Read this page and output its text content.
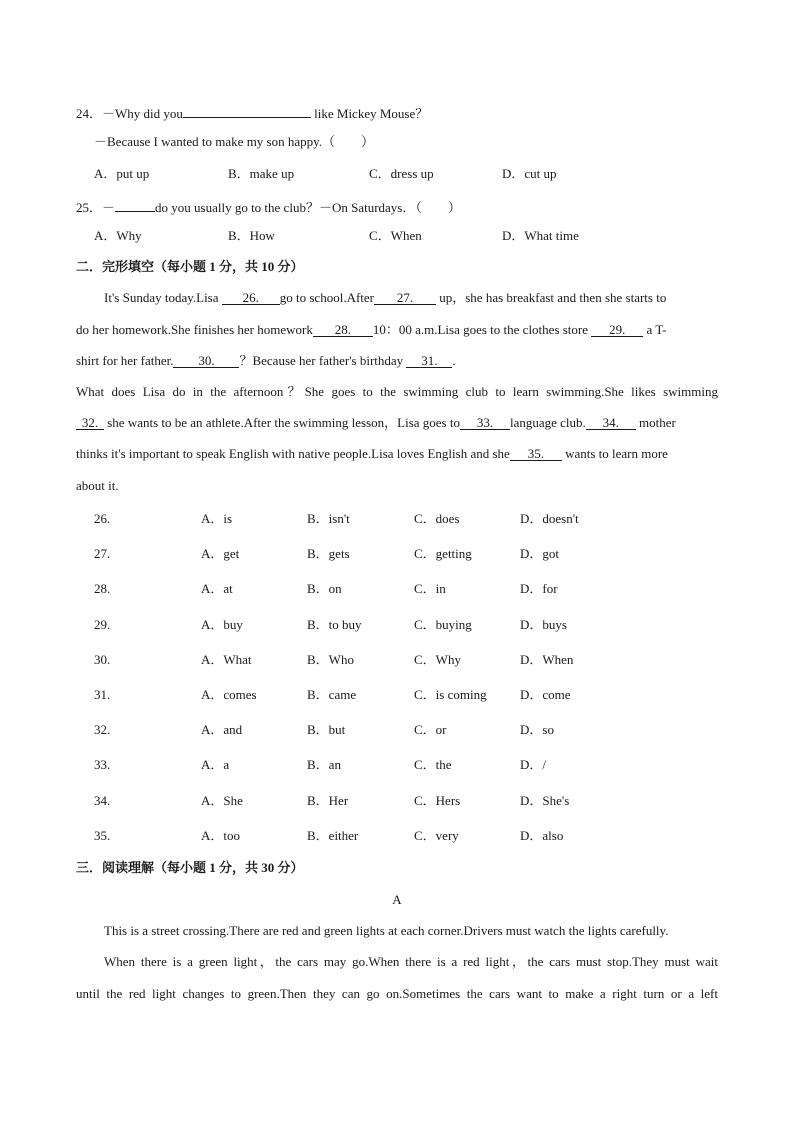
24．－Why did you	like Mickey Mouse？
－Because I wanted to make my son happy.（　　）
A．put up	B．make up	C．dress up	D．cut up
25．－	do you usually go to the club？－On Saturdays．（　　）
A．Why	B．How	C．When	D．What time
二．完形填空（每小题 1 分，共 10 分）
It's Sunday today.Lisa 26. go to school.After 27. up，she has breakfast and then she starts to
do her homework.She finishes her homework 28. 10：00 a.m.Lisa goes to the clothes store 29. a T-
shirt for her father. 30. ？Because her father's birthday 31. .
What does Lisa do in the afternoon？She goes to the swimming club to learn swimming.She likes swimming
32. she wants to be an athlete.After the swimming lesson，Lisa goes to 33. language club. 34. mother
thinks it's important to speak English with native people.Lisa loves English and she 35. wants to learn more
about it.
26.	A．is	B．isn't	C．does	D．doesn't
27.	A．get	B．gets	C．getting	D．got
28.	A．at	B．on	C．in	D．for
29.	A．buy	B．to buy	C．buying	D．buys
30.	A．What	B．Who	C．Why	D．When
31.	A．comes	B．came	C．is coming	D．come
32.	A．and	B．but	C．or	D．so
33.	A．a	B．an	C．the	D．/
34.	A．She	B．Her	C．Hers	D．She's
35.	A．too	B．either	C．very	D．also
三．阅读理解（每小题 1 分，共 30 分）
A
This is a street crossing.There are red and green lights at each corner.Drivers must watch the lights carefully.
When there is a green light，the cars may go.When there is a red light，the cars must stop.They must wait
until the red light changes to green.Then they can go on.Sometimes the cars want to make a right turn or a left
